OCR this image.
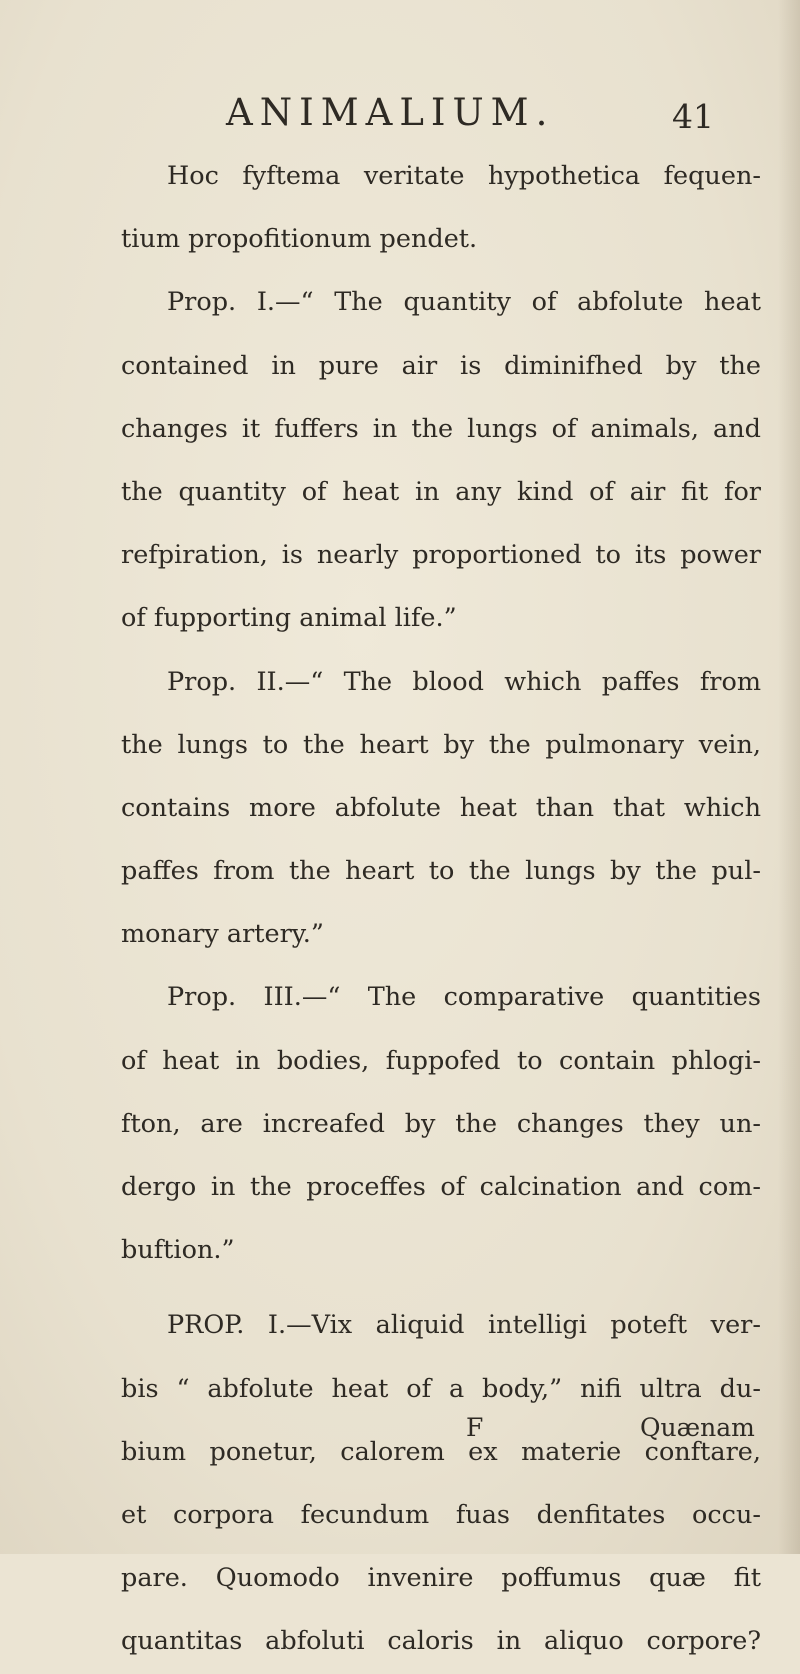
ANIMALIUM.	41
Hoc fyftema veritate hypothetica fequen-
tium propofitionum pendet.
Prop. I.—“ The quantity of abfolute heat
contained in pure air is diminifhed by the
changes it fuffers in the lungs of animals, and
the quantity of heat in any kind of air fit for
refpiration, is nearly proportioned to its power
of fupporting animal life.”
Prop. II.—“ The blood which paffes from
the lungs to the heart by the pulmonary vein,
contains more abfolute heat than that which
paffes from the heart to the lungs by the pul-
monary artery.”
Prop. III.—“ The comparative quantities
of heat in bodies, fuppofed to contain phlogi-
fton, are increafed by the changes they un-
dergo in the proceffes of calcination and com-
buftion.”
PROP. I.—Vix aliquid intelligi poteft ver-
bis “ abfolute heat of a body,” nifi ultra du-
bium ponetur, calorem ex materie conftare,
et corpora fecundum fuas denfitates occu-
pare. Quomodo invenire poffumus quæ fit
quantitas abfoluti caloris in aliquo corpore?
F	Quænam
